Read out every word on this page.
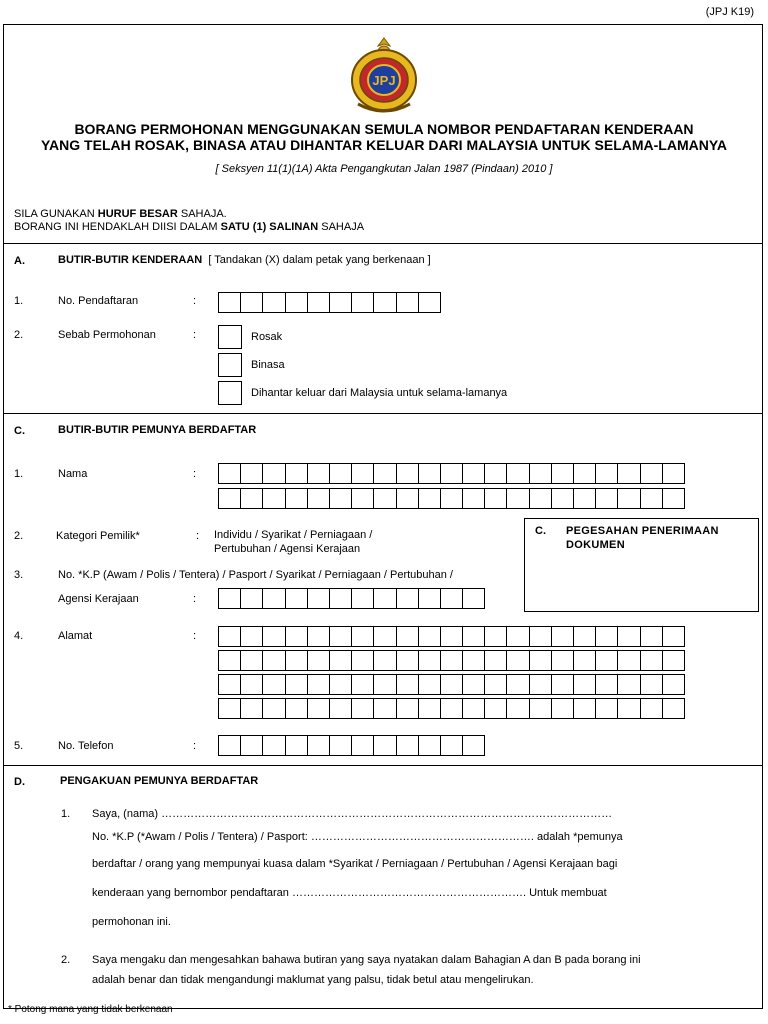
(JPJ K19)
JPJ
BORANG PERMOHONAN MENGGUNAKAN SEMULA NOMBOR PENDAFTARAN KENDERAAN
YANG TELAH ROSAK, BINASA ATAU DIHANTAR KELUAR DARI MALAYSIA UNTUK SELAMA-LAMANYA
[ Seksyen 11(1)(1A) Akta Pengangkutan Jalan 1987 (Pindaan) 2010 ]
SILA GUNAKAN HURUF BESAR SAHAJA.
BORANG INI HENDAKLAH DIISI DALAM SATU (1) SALINAN SAHAJA
A.	BUTIR-BUTIR KENDERAAN [ Tandakan (X) dalam petak yang berkenaan ]
1.	No. Pendaftaran	:
2.	Sebab Permohonan	:	Rosak
Binasa
Dihantar keluar dari Malaysia untuk selama-lamanya
C.	BUTIR-BUTIR PEMUNYA BERDAFTAR
1.	Nama	:
2.	Kategori Pemilik*	: Individu / Syarikat / Perniagaan /
Pertubuhan / Agensi Kerajaan
3.	No. *K.P (Awam / Polis / Tentera) / Pasport / Syarikat / Perniagaan / Pertubuhan /
Agensi Kerajaan	:
C. PEGESAHAN PENERIMAAN
DOKUMEN
4.	Alamat	:
5.	No. Telefon	:
D.	PENGAKUAN PEMUNYA BERDAFTAR
1. Saya, (nama) ……………………………………………………………………………………………………………
No. *K.P (*Awam / Polis / Tentera) / Pasport: ……………………………………………………. adalah *pemunya
berdaftar / orang yang mempunyai kuasa dalam *Syarikat / Perniagaan / Pertubuhan / Agensi Kerajaan bagi
kenderaan yang bernombor pendaftaran ………………………………………………………. Untuk membuat
permohonan ini.
2. Saya mengaku dan mengesahkan bahawa butiran yang saya nyatakan dalam Bahagian A dan B pada borang ini
adalah benar dan tidak mengandungi maklumat yang palsu, tidak betul atau mengelirukan.
* Potong mana yang tidak berkenaan
